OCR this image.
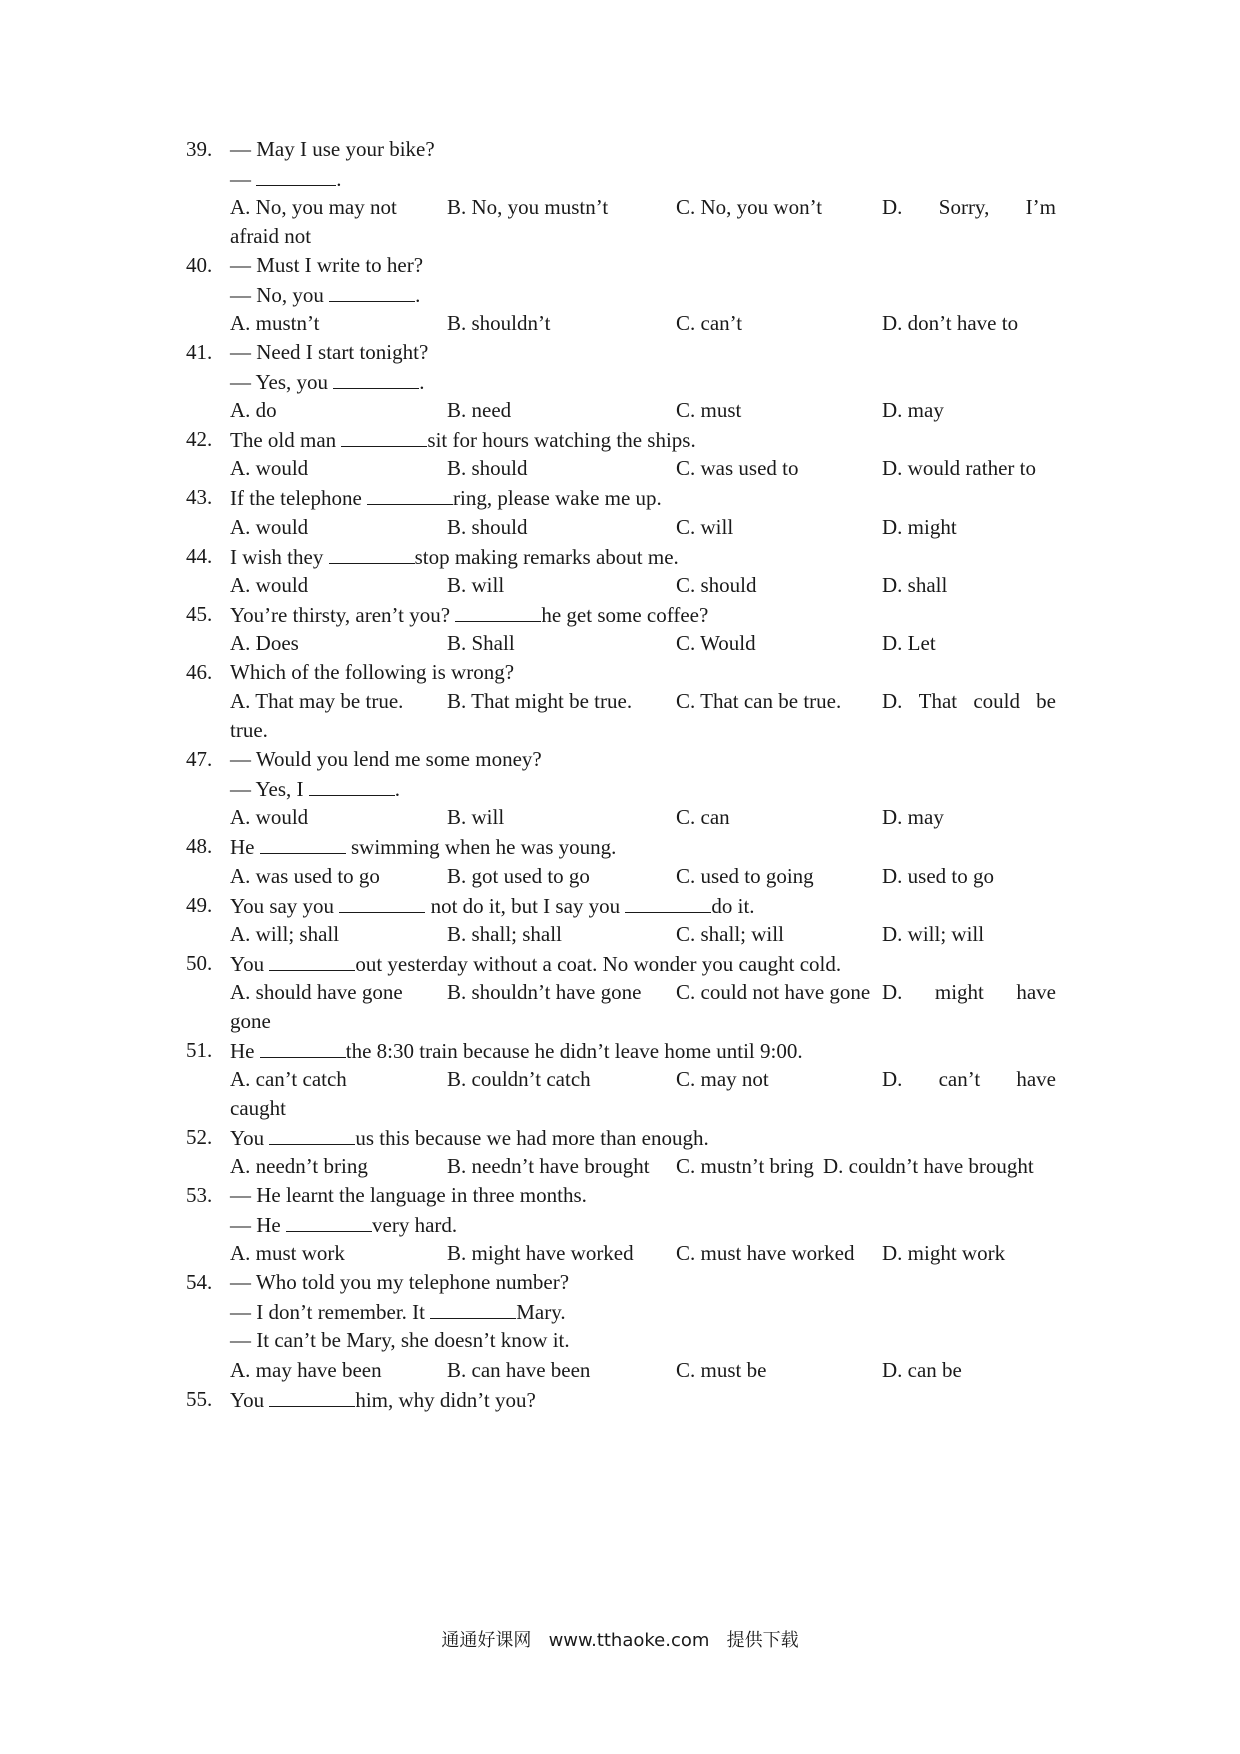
39. — May I use your bike?
—	.
A. No, you may not B. No, you mustn’t	C. No, you won’t	D. Sorry, I’m
afraid not
40. — Must I write to her?
— No, you	.
A. mustn’t	B. shouldn’t	C. can’t	D. don’t have to
41. — Need I start tonight?
— Yes, you	.
A. do	B. need	C. must	D. may
42. The old man	sit for hours watching the ships.
A. would	B. should	C. was used to	D. would rather to
43. If the telephone	ring, please wake me up.
A. would	B. should	C. will	D. might
44. I wish they	stop making remarks about me.
A. would	B. will	C. should	D. shall
45. You’re thirsty, aren’t you?	he get some coffee?
A. Does	B. Shall	C. Would	D. Let
46. Which of the following is wrong?
A. That may be true. B. That might be true. C. That can be true. D. That could be
true.
47. — Would you lend me some money?
— Yes, I	.
A. would	B. will	C. can	D. may
48. He	swimming when he was young.
A. was used to go	B. got used to go	C. used to going	D. used to go
49. You say you	not do it, but I say you	do it.
A. will; shall	B. shall; shall	C. shall; will	D. will; will
50. You	out yesterday without a coat. No wonder you caught cold.
A. should have gone B. shouldn’t have gone C. could not have gone D. might have
gone
51. He	the 8:30 train because he didn’t leave home until 9:00.
A. can’t catch	B. couldn’t catch	C. may not	D. can’t have
caught
52. You	us this because we had more than enough.
A. needn’t bring	B. needn’t have brought C. mustn’t bring D. couldn’t have brought
53. — He learnt the language in three months.
— He	very hard.
A. must work	B. might have worked C. must have worked D. might work
54. — Who told you my telephone number?
— I don’t remember. It	Mary.
— It can’t be Mary, she doesn’t know it.
A. may have been	B. can have been	C. must be	D. can be
55. You	him, why didn’t you?
通通好课网 www.tthaoke.com 提供下载
